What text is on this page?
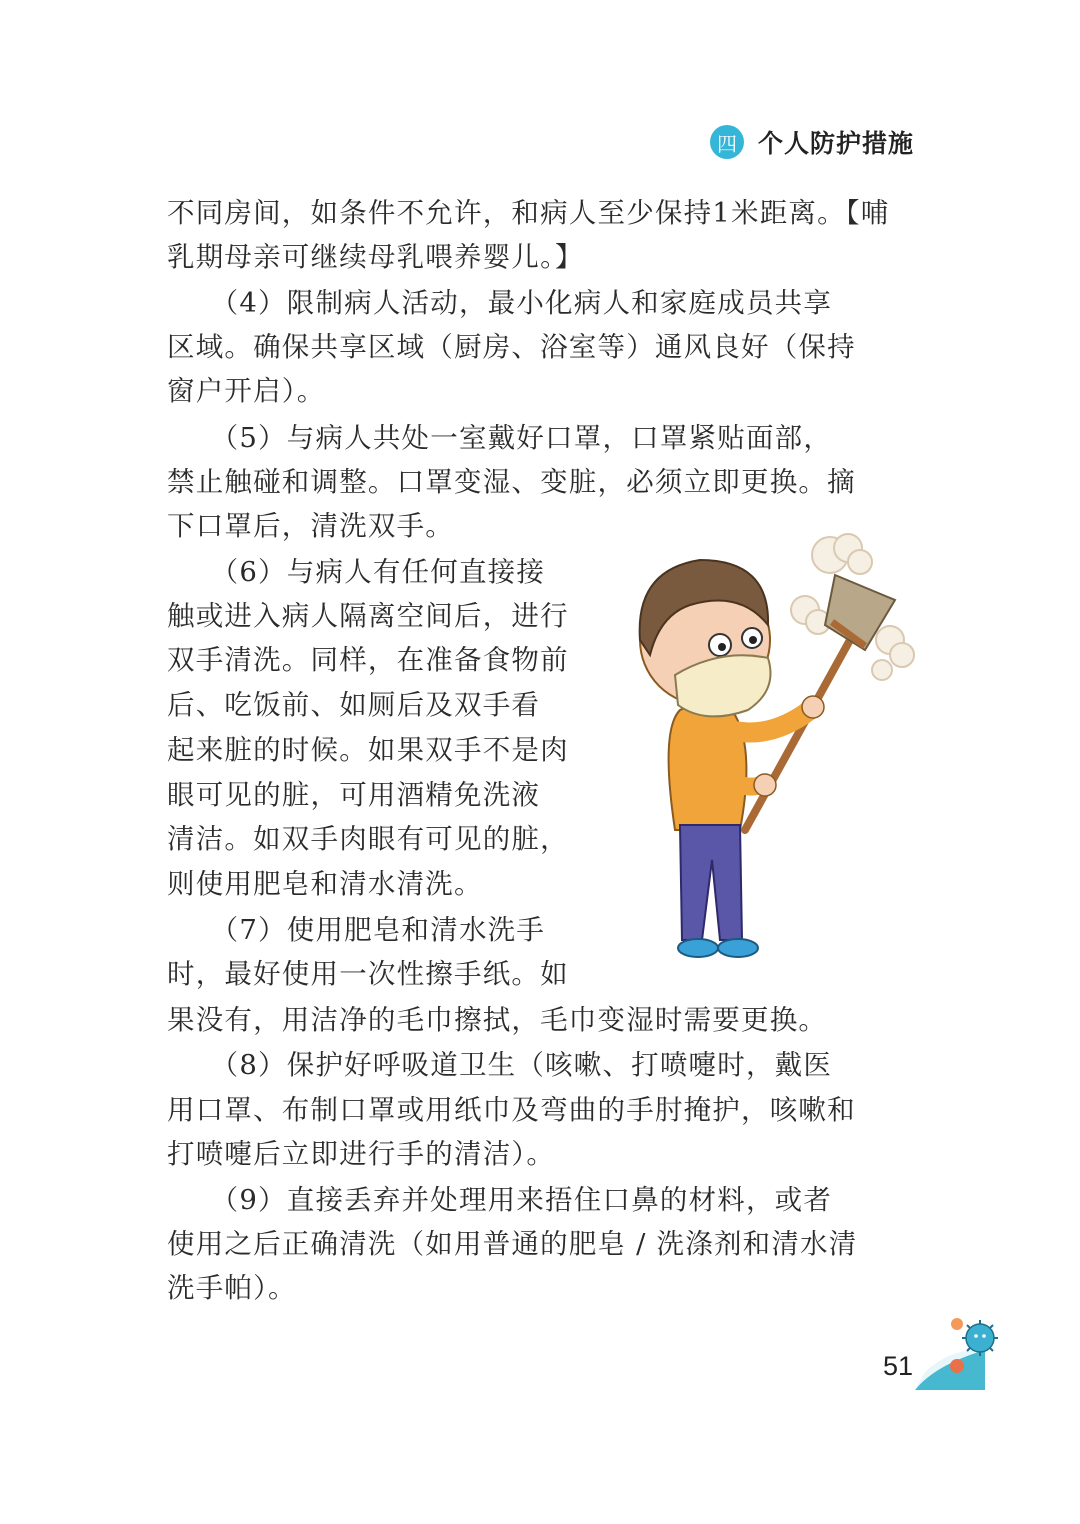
四 个人防护措施
不同房间，如条件不允许，和病人至少保持1米距离。【哺
乳期母亲可继续母乳喂养婴儿。】
　　（4）限制病人活动，最小化病人和家庭成员共享
区域。确保共享区域（厨房、浴室等）通风良好（保持
窗户开启）。
　　（5）与病人共处一室戴好口罩，口罩紧贴面部，
禁止触碰和调整。口罩变湿、变脏，必须立即更换。摘
下口罩后，清洗双手。
　　（6）与病人有任何直接接
触或进入病人隔离空间后，进行
双手清洗。同样，在准备食物前
后、吃饭前、如厕后及双手看
起来脏的时候。如果双手不是肉
眼可见的脏，可用酒精免洗液
清洁。如双手肉眼有可见的脏，
则使用肥皂和清水清洗。
　　（7）使用肥皂和清水洗手
时，最好使用一次性擦手纸。如
果没有，用洁净的毛巾擦拭，毛巾变湿时需要更换。
　　（8）保护好呼吸道卫生（咳嗽、打喷嚏时，戴医
用口罩、布制口罩或用纸巾及弯曲的手肘掩护，咳嗽和
打喷嚏后立即进行手的清洁）。
　　（9）直接丢弃并处理用来捂住口鼻的材料，或者
使用之后正确清洗（如用普通的肥皂 / 洗涤剂和清水清
洗手帕）。
51
